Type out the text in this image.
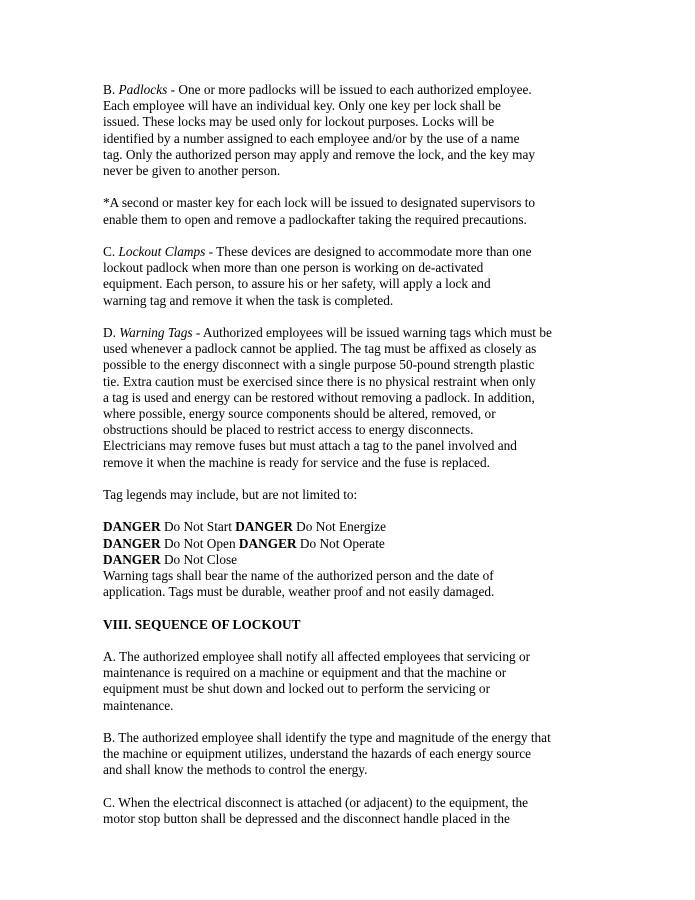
B. Padlocks - One or more padlocks will be issued to each authorized employee.
Each employee will have an individual key. Only one key per lock shall be
issued. These locks may be used only for lockout purposes. Locks will be
identified by a number assigned to each employee and/or by the use of a name
tag. Only the authorized person may apply and remove the lock, and the key may
never be given to another person.
*A second or master key for each lock will be issued to designated supervisors to
enable them to open and remove a padlockafter taking the required precautions.
C. Lockout Clamps - These devices are designed to accommodate more than one
lockout padlock when more than one person is working on de-activated
equipment. Each person, to assure his or her safety, will apply a lock and
warning tag and remove it when the task is completed.
D. Warning Tags - Authorized employees will be issued warning tags which must be
used whenever a padlock cannot be applied. The tag must be affixed as closely as
possible to the energy disconnect with a single purpose 50-pound strength plastic
tie. Extra caution must be exercised since there is no physical restraint when only
a tag is used and energy can be restored without removing a padlock. In addition,
where possible, energy source components should be altered, removed, or
obstructions should be placed to restrict access to energy disconnects.
Electricians may remove fuses but must attach a tag to the panel involved and
remove it when the machine is ready for service and the fuse is replaced.
Tag legends may include, but are not limited to:
DANGER Do Not Start DANGER Do Not Energize
DANGER Do Not Open DANGER Do Not Operate
DANGER Do Not Close
Warning tags shall bear the name of the authorized person and the date of
application. Tags must be durable, weather proof and not easily damaged.
VIII. SEQUENCE OF LOCKOUT
A. The authorized employee shall notify all affected employees that servicing or
maintenance is required on a machine or equipment and that the machine or
equipment must be shut down and locked out to perform the servicing or
maintenance.
B. The authorized employee shall identify the type and magnitude of the energy that
the machine or equipment utilizes, understand the hazards of each energy source
and shall know the methods to control the energy.
C. When the electrical disconnect is attached (or adjacent) to the equipment, the
motor stop button shall be depressed and the disconnect handle placed in the
